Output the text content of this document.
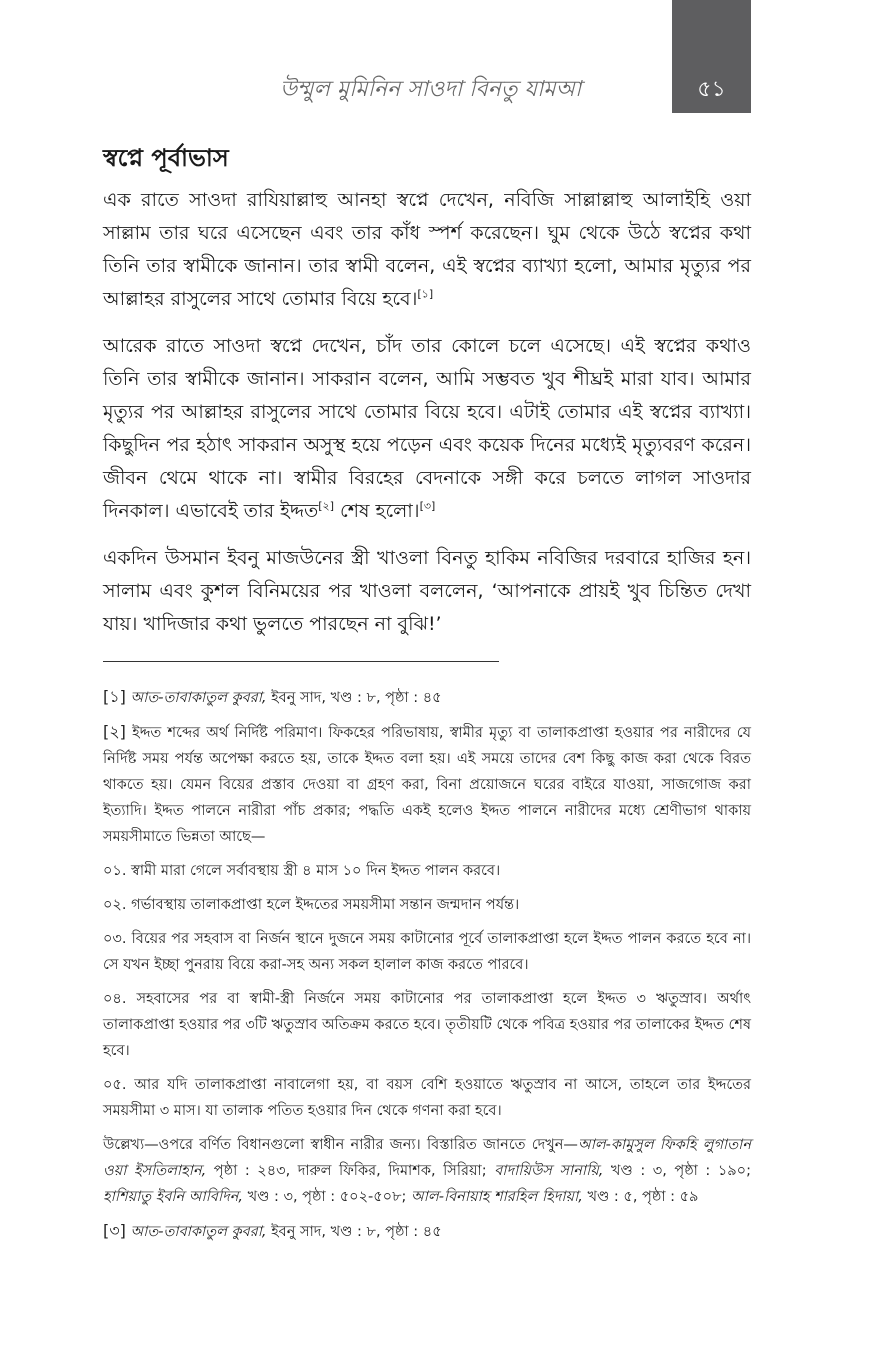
উম্মুল মুমিনিন সাওদা বিনতু যামআ	৫১
স্বপ্নে পূর্বাভাস

এক রাতে সাওদা রাযিয়াল্লাহু আনহা স্বপ্নে দেখেন, নবিজি সাল্লাল্লাহু আলাইহি ওয়া সাল্লাম তার ঘরে এসেছেন এবং তার কাঁধ স্পর্শ করেছেন। ঘুম থেকে উঠে স্বপ্নের কথা তিনি তার স্বামীকে জানান। তার স্বামী বলেন, এই স্বপ্নের ব্যাখ্যা হলো, আমার মৃত্যুর পর আল্লাহর রাসুলের সাথে তোমার বিয়ে হবে।[১]

আরেক রাতে সাওদা স্বপ্নে দেখেন, চাঁদ তার কোলে চলে এসেছে। এই স্বপ্নের কথাও তিনি তার স্বামীকে জানান। সাকরান বলেন, আমি সম্ভবত খুব শীঘ্রই মারা যাব। আমার মৃত্যুর পর আল্লাহর রাসুলের সাথে তোমার বিয়ে হবে। এটাই তোমার এই স্বপ্নের ব্যাখ্যা। কিছুদিন পর হঠাৎ সাকরান অসুস্থ হয়ে পড়েন এবং কয়েক দিনের মধ্যেই মৃত্যুবরণ করেন। জীবন থেমে থাকে না। স্বামীর বিরহের বেদনাকে সঙ্গী করে চলতে লাগল সাওদার দিনকাল। এভাবেই তার ইদ্দত[২] শেষ হলো।[৩]

একদিন উসমান ইবনু মাজউনের স্ত্রী খাওলা বিনতু হাকিম নবিজির দরবারে হাজির হন। সালাম এবং কুশল বিনিময়ের পর খাওলা বললেন, ‘আপনাকে প্রায়ই খুব চিন্তিত দেখা যায়। খাদিজার কথা ভুলতে পারছেন না বুঝি!’

[১] আত-তাবাকাতুল কুবরা, ইবনু সাদ, খণ্ড : ৮, পৃষ্ঠা : ৪৫

[২] ইদ্দত শব্দের অর্থ নির্দিষ্ট পরিমাণ। ফিকহের পরিভাষায়, স্বামীর মৃত্যু বা তালাকপ্রাপ্তা হওয়ার পর নারীদের যে নির্দিষ্ট সময় পর্যন্ত অপেক্ষা করতে হয়, তাকে ইদ্দত বলা হয়। এই সময়ে তাদের বেশ কিছু কাজ করা থেকে বিরত থাকতে হয়। যেমন বিয়ের প্রস্তাব দেওয়া বা গ্রহণ করা, বিনা প্রয়োজনে ঘরের বাইরে যাওয়া, সাজগোজ করা ইত্যাদি। ইদ্দত পালনে নারীরা পাঁচ প্রকার; পদ্ধতি একই হলেও ইদ্দত পালনে নারীদের মধ্যে শ্রেণীভাগ থাকায় সময়সীমাতে ভিন্নতা আছে—

০১. স্বামী মারা গেলে সর্বাবস্থায় স্ত্রী ৪ মাস ১০ দিন ইদ্দত পালন করবে।

০২. গর্ভাবস্থায় তালাকপ্রাপ্তা হলে ইদ্দতের সময়সীমা সন্তান জন্মদান পর্যন্ত।

০৩. বিয়ের পর সহবাস বা নির্জন স্থানে দুজনে সময় কাটানোর পূর্বে তালাকপ্রাপ্তা হলে ইদ্দত পালন করতে হবে না। সে যখন ইচ্ছা পুনরায় বিয়ে করা-সহ অন্য সকল হালাল কাজ করতে পারবে।

০৪. সহবাসের পর বা স্বামী-স্ত্রী নির্জনে সময় কাটানোর পর তালাকপ্রাপ্তা হলে ইদ্দত ৩ ঋতুস্রাব। অর্থাৎ তালাকপ্রাপ্তা হওয়ার পর ৩টি ঋতুস্রাব অতিক্রম করতে হবে। তৃতীয়টি থেকে পবিত্র হওয়ার পর তালাকের ইদ্দত শেষ হবে।

০৫. আর যদি তালাকপ্রাপ্তা নাবালেগা হয়, বা বয়স বেশি হওয়াতে ঋতুস্রাব না আসে, তাহলে তার ইদ্দতের সময়সীমা ৩ মাস। যা তালাক পতিত হওয়ার দিন থেকে গণনা করা হবে।

উল্লেখ্য—ওপরে বর্ণিত বিধানগুলো স্বাধীন নারীর জন্য। বিস্তারিত জানতে দেখুন—আল-কামুসুল ফিকহি লুগাতান ওয়া ইসতিলাহান, পৃষ্ঠা : ২৪৩, দারুল ফিকির, দিমাশক, সিরিয়া; বাদায়িউস সানায়ি, খণ্ড : ৩, পৃষ্ঠা : ১৯০; হাশিয়াতু ইবনি আবিদিন, খণ্ড : ৩, পৃষ্ঠা : ৫০২-৫০৮; আল-বিনায়াহ শারহিল হিদায়া, খণ্ড : ৫, পৃষ্ঠা : ৫৯

[৩] আত-তাবাকাতুল কুবরা, ইবনু সাদ, খণ্ড : ৮, পৃষ্ঠা : ৪৫
